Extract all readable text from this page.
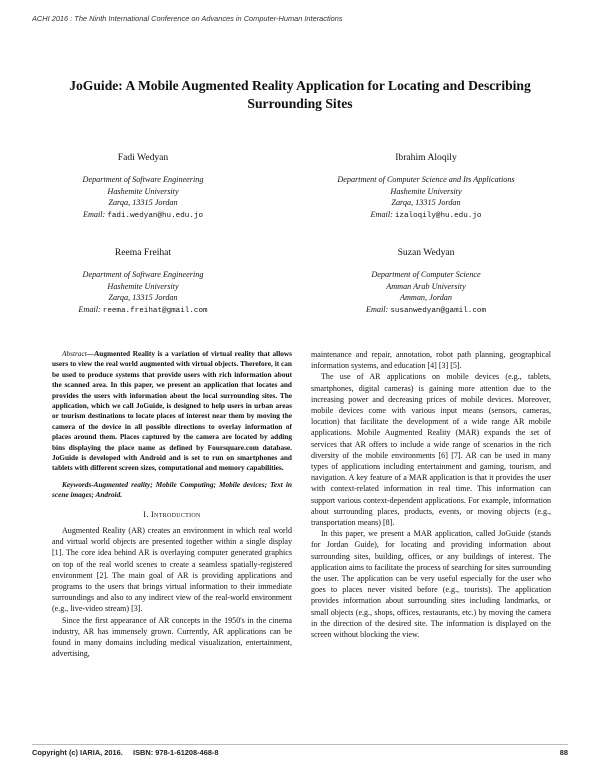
ACHI 2016 : The Ninth International Conference on Advances in Computer-Human Interactions
JoGuide: A Mobile Augmented Reality Application for Locating and Describing Surrounding Sites
Fadi Wedyan
Department of Software Engineering
Hashemite University
Zarqa, 13315 Jordan
Email: fadi.wedyan@hu.edu.jo
Ibrahim Aloqily
Department of Computer Science and Its Applications
Hashemite University
Zarqa, 13315 Jordan
Email: izaloqily@hu.edu.jo
Reema Freihat
Department of Software Engineering
Hashemite University
Zarqa, 13315 Jordan
Email: reema.freihat@gmail.com
Suzan Wedyan
Department of Computer Science
Amman Arab University
Amman, Jordan
Email: susanwedyan@gamil.com
Abstract—Augmented Reality is a variation of virtual reality that allows users to view the real world augmented with virtual objects. Therefore, it can be used to produce systems that provide users with rich information about the scanned area. In this paper, we present an application that locates and provides the users with information about the local surrounding sites. The application, which we call JoGuide, is designed to help users in urban areas or tourism destinations to locate places of interest near them by moving the camera of the device in all possible directions to overlay information of places around them. Places captured by the camera are located by adding bins displaying the place name as defined by Foursquare.com database. JoGuide is developed with Android and is set to run on smartphones and tablets with different screen sizes, computational and memory capabilities.
Keywords-Augmented reality; Mobile Computing; Mobile devices; Text in scene images; Android.
I. Introduction

Augmented Reality (AR) creates an environment in which real world and virtual world objects are presented together within a single display [1]. The core idea behind AR is overlaying computer generated graphics on top of the real world scenes to create a seamless spatially-registered environment [2]. The main goal of AR is providing applications and programs to the users that brings virtual information to their immediate surroundings and also to any indirect view of the real-world environment (e.g., live-video stream) [3].

Since the first appearance of AR concepts in the 1950's in the cinema industry, AR has immensely grown. Currently, AR applications can be found in many domains including medical visualization, entertainment, advertising,

maintenance and repair, annotation, robot path planning, geographical information systems, and education [4] [3] [5].

The use of AR applications on mobile devices (e.g., tablets, smartphones, digital cameras) is gaining more attention due to the increasing power and decreasing prices of mobile devices. Moreover, mobile devices come with various input means (sensors, cameras, location) that facilitate the development of a wide range AR mobile applications. Mobile Augmented Reality (MAR) expands the set of services that AR offers to include a wide range of scenarios in the rich diversity of the mobile environments [6] [7]. AR can be used in many types of applications including entertainment and gaming, tourism, and navigation. A key feature of a MAR application is that it provides the user with context-related information in real time. This information can support various context-dependent applications. For example, information about surrounding places, products, events, or moving objects (e.g., transportation means) [8].

In this paper, we present a MAR application, called JoGuide (stands for Jordan Guide), for locating and providing information about surrounding sites, building, offices, or any buildings of interest. The application aims to facilitate the process of searching for sites surrounding the user. The application can be very useful especially for the user who goes to places never visited before (e.g., tourists). The application provides information about surrounding sites including landmarks, or small objects (e.g., shops, offices, restaurants, etc.) by moving the camera in the direction of the desired site. The information is displayed on the screen without blocking the view.

Copyright (c) IARIA, 2016. ISBN: 978-1-61208-468-8	88
